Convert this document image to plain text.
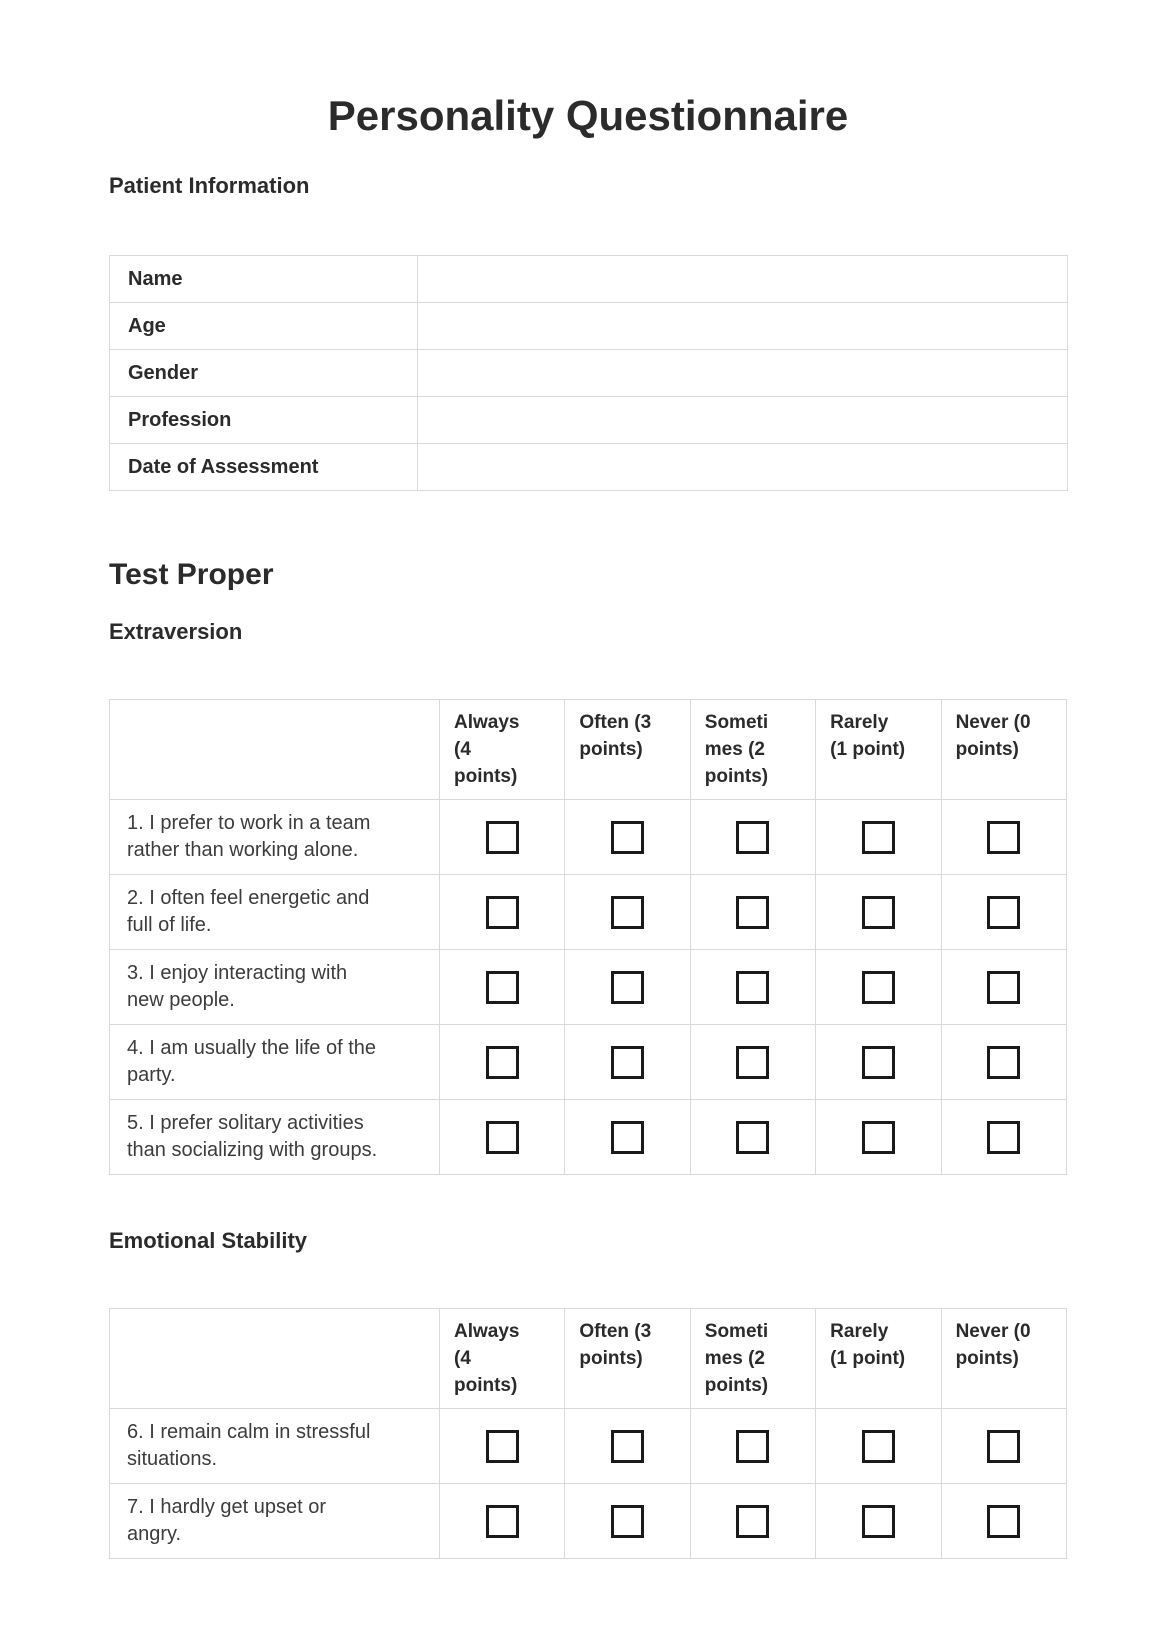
Personality Questionnaire
Patient Information
Name	
Age	
Gender	
Profession	
Date of Assessment	
Test Proper
Extraversion
	Always (4 points)	Often (3 points)	Sometimes (2 points)	Rarely (1 point)	Never (0 points)
1. I prefer to work in a team rather than working alone.	

2. I often feel energetic and full of life.	

3. I enjoy interacting with new people.	

4. I am usually the life of the party.	

5. I prefer solitary activities than socializing with groups.	

Emotional Stability
	Always (4 points)	Often (3 points)	Sometimes (2 points)	Rarely (1 point)	Never (0 points)
6. I remain calm in stressful situations.	

7. I hardly get upset or angry.	
